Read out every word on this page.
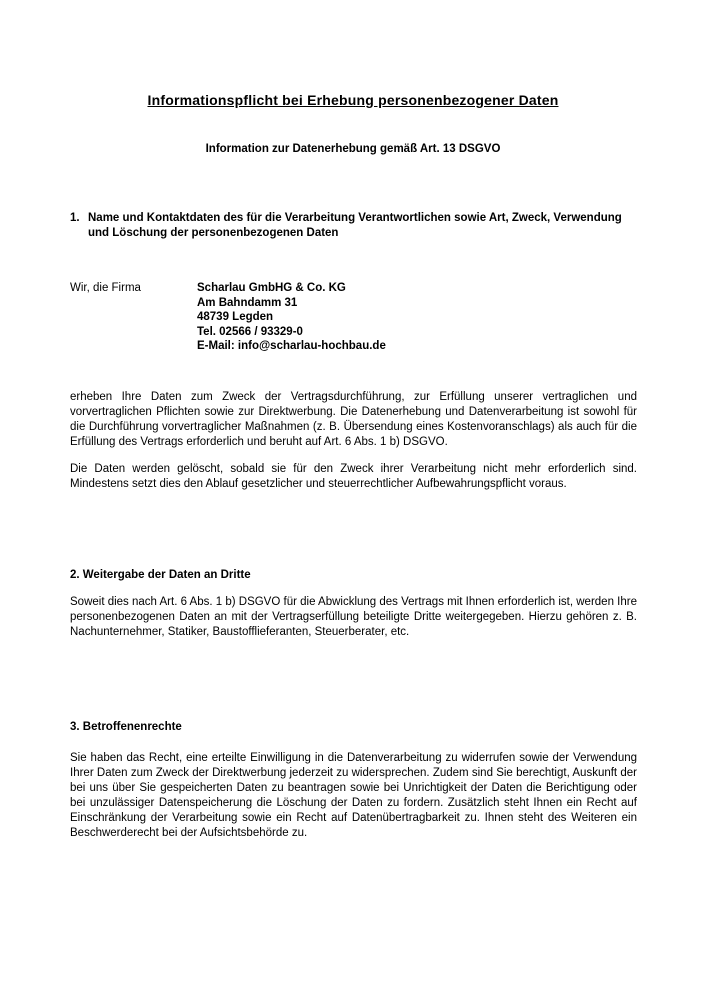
Informationspflicht bei Erhebung personenbezogener Daten
Information zur Datenerhebung gemäß Art. 13 DSGVO
1. Name und Kontaktdaten des für die Verarbeitung Verantwortlichen sowie Art, Zweck, Verwendung und Löschung der personenbezogenen Daten
Wir, die Firma	Scharlau GmbHG & Co. KG
Am Bahndamm 31
48739 Legden
Tel. 02566 / 93329-0
E-Mail: info@scharlau-hochbau.de
erheben Ihre Daten zum Zweck der Vertragsdurchführung, zur Erfüllung unserer vertraglichen und vorvertraglichen Pflichten sowie zur Direktwerbung. Die Datenerhebung und Datenverarbeitung ist sowohl für die Durchführung vorvertraglicher Maßnahmen (z. B. Übersendung eines Kostenvoranschlags) als auch für die Erfüllung des Vertrags erforderlich und beruht auf Art. 6 Abs. 1 b) DSGVO.
Die Daten werden gelöscht, sobald sie für den Zweck ihrer Verarbeitung nicht mehr erforderlich sind. Mindestens setzt dies den Ablauf gesetzlicher und steuerrechtlicher Aufbewahrungspflicht voraus.
2. Weitergabe der Daten an Dritte
Soweit dies nach Art. 6 Abs. 1 b) DSGVO für die Abwicklung des Vertrags mit Ihnen erforderlich ist, werden Ihre personenbezogenen Daten an mit der Vertragserfüllung beteiligte Dritte weitergegeben. Hierzu gehören z. B. Nachunternehmer, Statiker, Baustofflieferanten, Steuerberater, etc.
3. Betroffenenrechte
Sie haben das Recht, eine erteilte Einwilligung in die Datenverarbeitung zu widerrufen sowie der Verwendung Ihrer Daten zum Zweck der Direktwerbung jederzeit zu widersprechen. Zudem sind Sie berechtigt, Auskunft der bei uns über Sie gespeicherten Daten zu beantragen sowie bei Unrichtigkeit der Daten die Berichtigung oder bei unzulässiger Datenspeicherung die Löschung der Daten zu fordern. Zusätzlich steht Ihnen ein Recht auf Einschränkung der Verarbeitung sowie ein Recht auf Datenübertragbarkeit zu. Ihnen steht des Weiteren ein Beschwerderecht bei der Aufsichtsbehörde zu.
